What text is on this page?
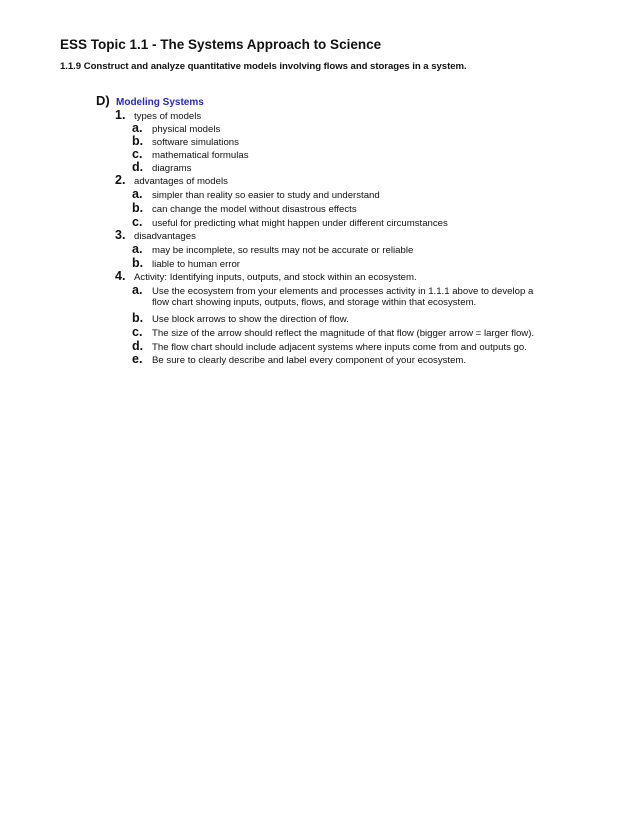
ESS Topic 1.1 - The Systems Approach to Science
1.1.9 Construct and analyze quantitative models involving flows and storages in a system.
D) Modeling Systems
1. types of models
a. physical models
b. software simulations
c. mathematical formulas
d. diagrams
2. advantages of models
a. simpler than reality so easier to study and understand
b. can change the model without disastrous effects
c. useful for predicting what might happen under different circumstances
3. disadvantages
a. may be incomplete, so results may not be accurate or reliable
b. liable to human error
4. Activity: Identifying inputs, outputs, and stock within an ecosystem.
a. Use the ecosystem from your elements and processes activity in 1.1.1 above to develop a
flow chart showing inputs, outputs, flows, and storage within that ecosystem.
b. Use block arrows to show the direction of flow.
c. The size of the arrow should reflect the magnitude of that flow (bigger arrow = larger flow).
d. The flow chart should include adjacent systems where inputs come from and outputs go.
e. Be sure to clearly describe and label every component of your ecosystem.
